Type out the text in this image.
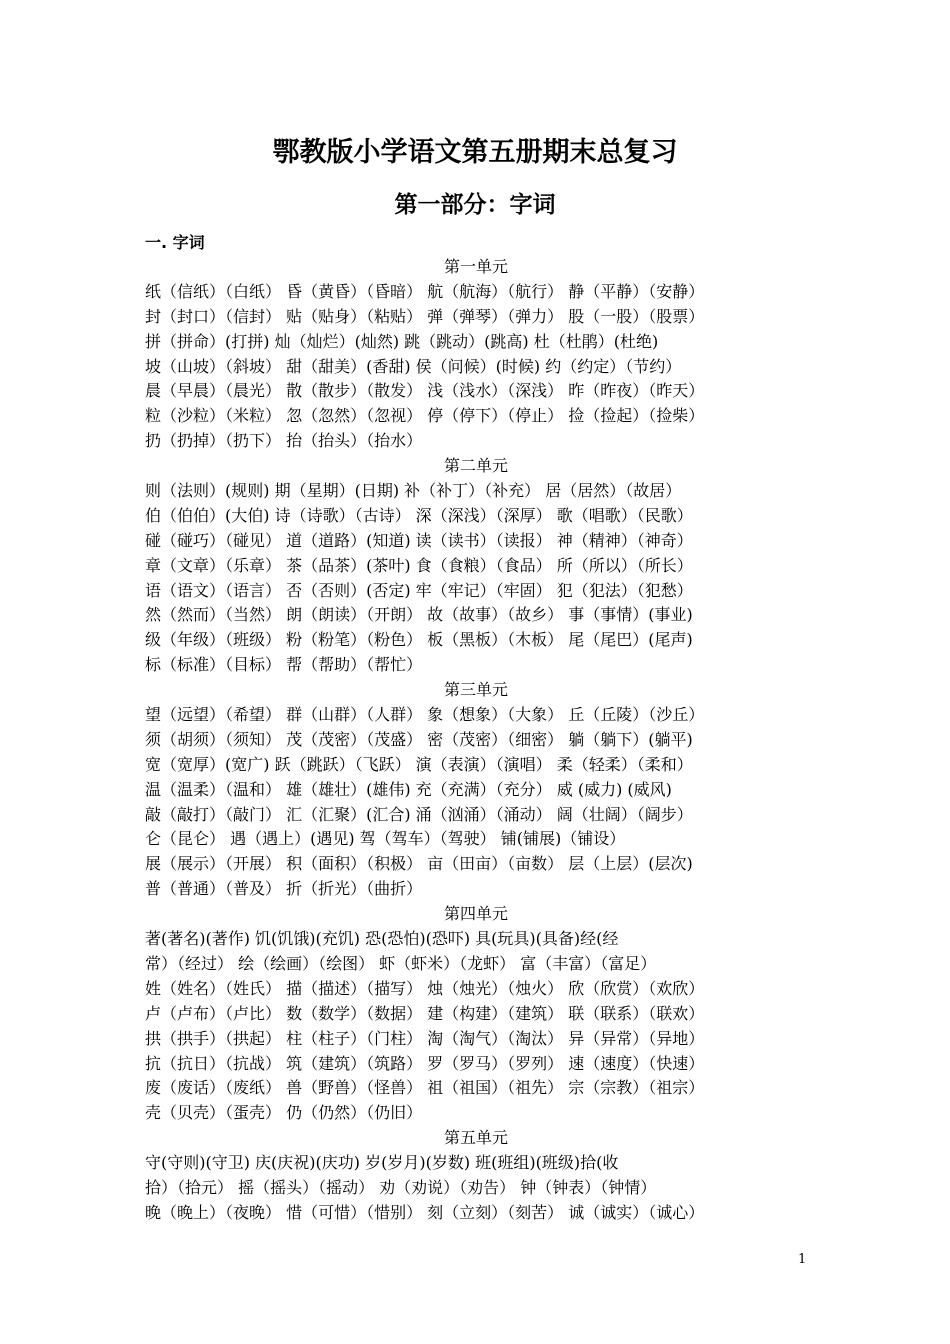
鄂教版小学语文第五册期末总复习
第一部分：字词
一. 字词
第一单元
纸（信纸）（白纸） 昏（黄昏）（昏暗） 航（航海）（航行） 静（平静）（安静）
封（封口）（信封） 贴（贴身）（粘贴） 弹（弹琴）（弹力） 股（一股）（股票）
拼（拼命）(打拼) 灿（灿烂）(灿然) 跳（跳动）(跳高) 杜（杜鹃）(杜绝)
坡（山坡）（斜坡） 甜（甜美）(香甜) 侯（问候）(时候) 约（约定）（节约）
晨（早晨）（晨光） 散（散步）（散发） 浅（浅水）（深浅） 昨（昨夜）（昨天）
粒（沙粒）（米粒） 忽（忽然）（忽视） 停（停下）（停止） 捡（捡起）（捡柴）
扔（扔掉）（扔下） 抬（抬头）（抬水）
第二单元
则（法则）(规则) 期（星期）(日期) 补（补丁）（补充） 居（居然）（故居）
伯（伯伯）(大伯) 诗（诗歌）（古诗） 深（深浅）（深厚） 歌（唱歌）（民歌）
碰（碰巧）（碰见） 道（道路）(知道) 读（读书）（读报） 神（精神）（神奇）
章（文章）（乐章） 茶（品茶）(茶叶) 食（食粮）（食品） 所（所以）（所长）
语（语文）（语言） 否（否则）(否定) 牢（牢记）（牢固） 犯（犯法）（犯愁）
然（然而）（当然） 朗（朗读）（开朗） 故（故事）（故乡） 事（事情）(事业)
级（年级）（班级） 粉（粉笔）（粉色） 板（黑板）（木板） 尾（尾巴）(尾声)
标（标准）（目标） 帮（帮助）（帮忙）
第三单元
望（远望）（希望） 群（山群）（人群） 象（想象）（大象） 丘（丘陵）（沙丘）
须（胡须）（须知） 茂（茂密）（茂盛） 密（茂密）（细密） 躺（躺下）(躺平)
宽（宽厚）(宽广) 跃（跳跃）（飞跃） 演（表演）（演唱） 柔（轻柔）（柔和）
温（温柔）（温和） 雄（雄壮）(雄伟) 充（充满）（充分） 威 (威力) (威风)
敲（敲打）（敲门） 汇（汇聚）(汇合) 涌（汹涌）（涌动） 阔（壮阔）（阔步）
仑（昆仑） 遇（遇上）(遇见) 驾（驾车）（驾驶） 铺(铺展)（铺设）
展（展示）（开展） 积（面积）（积极） 亩（田亩）（亩数） 层（上层）(层次)
普（普通）（普及） 折（折光）（曲折）
第四单元
著(著名)(著作) 饥(饥饿)(充饥) 恐(恐怕)(恐吓) 具(玩具)(具备)经(经
常）（经过） 绘（绘画）（绘图） 虾（虾米）（龙虾） 富（丰富）（富足）
姓（姓名）（姓氏） 描（描述）（描写） 烛（烛光）（烛火） 欣（欣赏）（欢欣）
卢（卢布）（卢比） 数（数学）（数据） 建（构建）（建筑） 联（联系）（联欢）
拱（拱手）（拱起） 柱（柱子）（门柱） 淘（淘气）（淘汰） 异（异常）（异地）
抗（抗日）（抗战） 筑（建筑）（筑路） 罗（罗马）（罗列） 速（速度）（快速）
废（废话）（废纸） 兽（野兽）（怪兽） 祖（祖国）（祖先） 宗（宗教）（祖宗）
壳（贝壳）（蛋壳） 仍（仍然）（仍旧）
第五单元
守(守则)(守卫) 庆(庆祝)(庆功) 岁(岁月)(岁数) 班(班组)(班级)拾(收
拾）（拾元） 摇（摇头）（摇动） 劝（劝说）（劝告） 钟（钟表）（钟情）
晚（晚上）（夜晚） 惜（可惜）（惜别） 刻（立刻）（刻苦） 诚（诚实）（诚心）
1
